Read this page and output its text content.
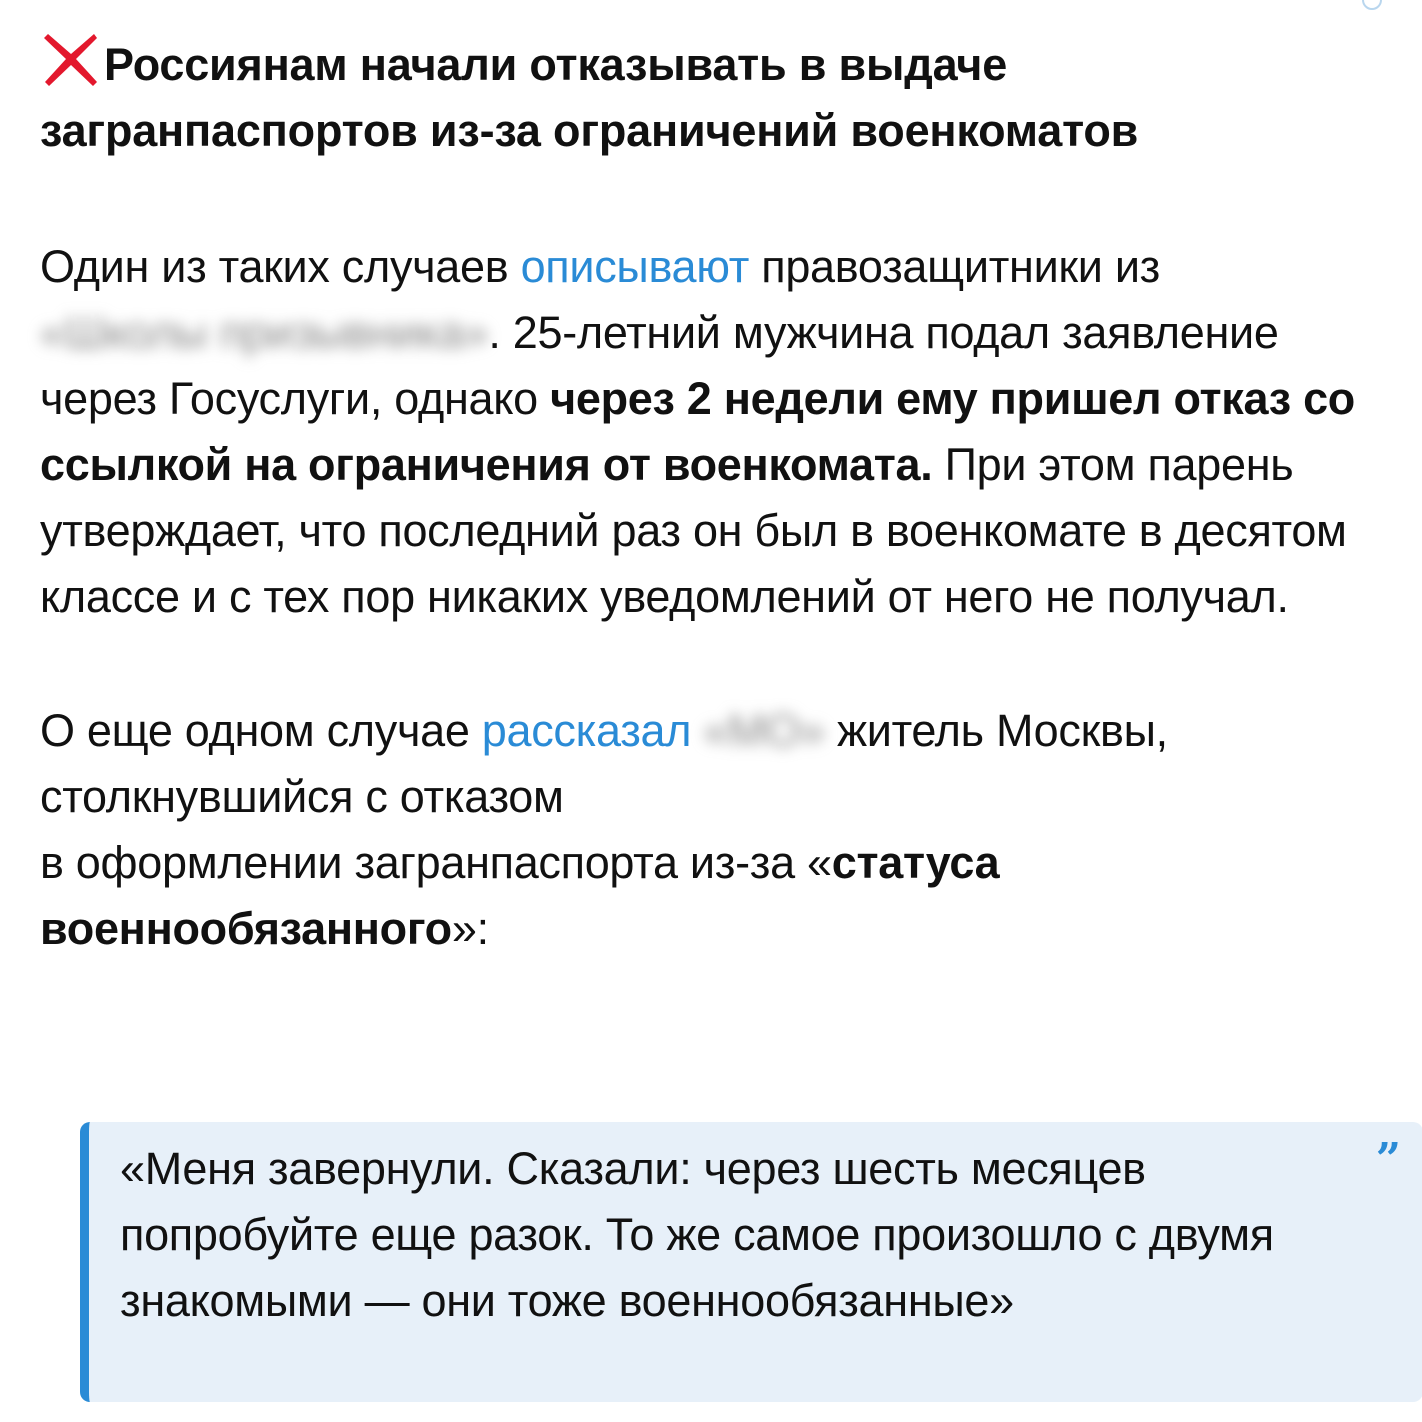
Россиянам начали отказывать в выдаче
загранпаспортов из-за ограничений военкоматов

Один из таких случаев описывают правозащитники из
«Школы призывника». 25-летний мужчина подал заявление через Госуслуги, однако через 2 недели ему пришел отказ со ссылкой на ограничения от военкомата. При этом парень утверждает, что последний раз он был в военкомате в десятом классе и с тех пор никаких уведомлений от него не получал.

О еще одном случае рассказал «МО» житель Москвы,
столкнувшийся с отказом
в оформлении загранпаспорта из-за «статуса военнообязанного»:

«Меня завернули. Сказали: через шесть месяцев попробуйте еще разок. То же самое произошло с двумя знакомыми — они тоже военнообязанные»

”
